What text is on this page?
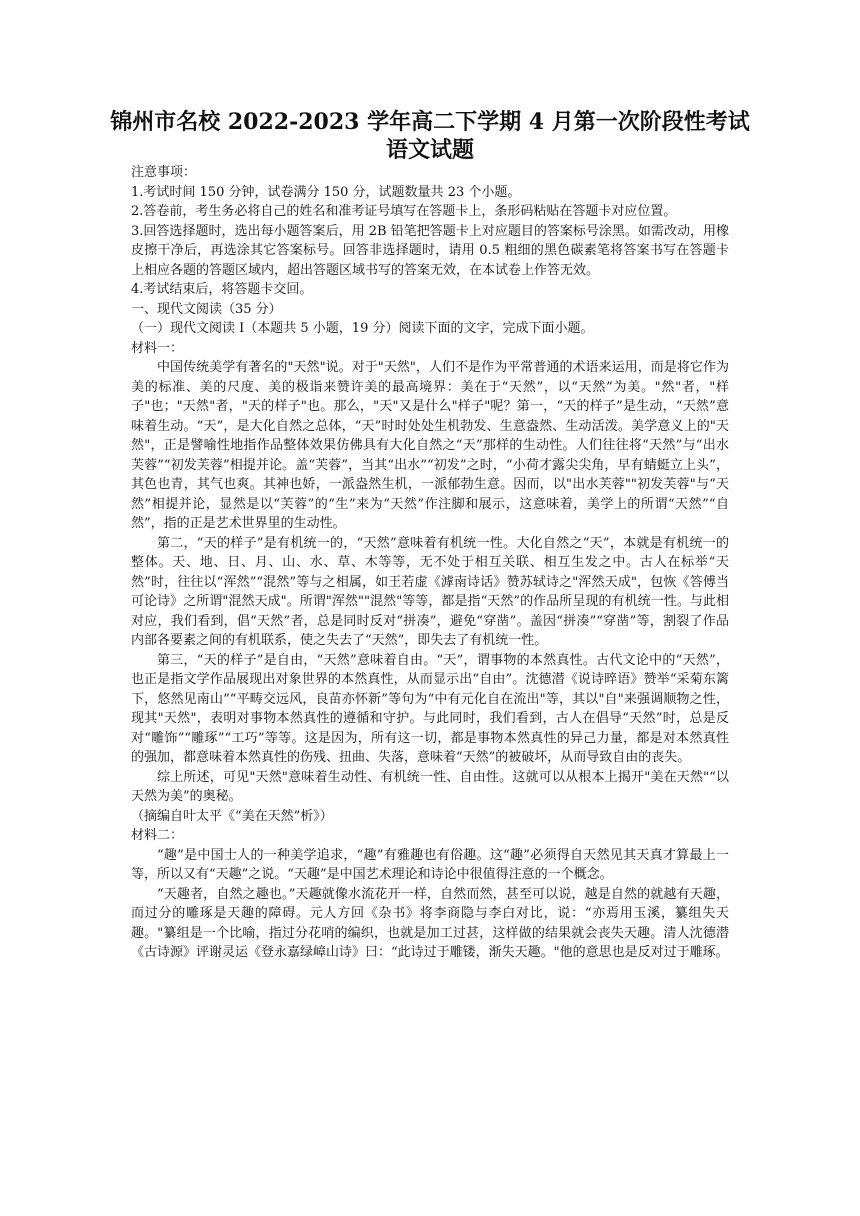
锦州市名校 2022-2023 学年高二下学期 4 月第一次阶段性考试
语文试题

注意事项：

1.考试时间 150 分钟，试卷满分 150 分，试题数量共 23 个小题。

2.答卷前，考生务必将自己的姓名和准考证号填写在答题卡上，条形码粘贴在答题卡对应位置。

3.回答选择题时，选出每小题答案后，用 2B 铅笔把答题卡上对应题目的答案标号涂黑。如需改动，用橡皮擦干净后，再选涂其它答案标号。回答非选择题时，请用 0.5 粗细的黑色碳素笔将答案书写在答题卡上相应各题的答题区域内，超出答题区域书写的答案无效，在本试卷上作答无效。

4.考试结束后，将答题卡交回。

一、现代文阅读（35 分）

（一）现代文阅读 I（本题共 5 小题，19 分）阅读下面的文字，完成下面小题。

材料一：

中国传统美学有著名的"天然"说。对于"天然"，人们不是作为平常普通的术语来运用，而是将它作为美的标准、美的尺度、美的极诣来赞许美的最高境界：美在于“天然”，以“天然”为美。"然"者，"样子"也；"天然"者，"天的样子"也。那么，"天"又是什么"样子"呢？第一，“天的样子”是生动，“天然”意味着生动。“天”，是大化自然之总体，“天”时时处处生机勃发、生意盎然、生动活泼。美学意义上的"天然"，正是譬喻性地指作品整体效果仿佛具有大化自然之“天”那样的生动性。人们往往将“天然”与“出水芙蓉”“初发芙蓉”相提并论。盖“芙蓉”，当其“出水”“初发”之时，“小荷才露尖尖角，早有蜻蜓立上头”，其色也青，其气也爽。其神也娇，一派盎然生机，一派郁勃生意。因而，以"出水芙蓉""初发芙蓉"与“天然”相提并论，显然是以“芙蓉”的“生”来为“天然”作注脚和展示，这意味着，美学上的所谓“天然”“自然”，指的正是艺术世界里的生动性。

第二，“天的样子”是有机统一的，“天然”意味着有机统一性。大化自然之“天”，本就是有机统一的整体。天、地、日、月、山、水、草、木等等，无不处于相互关联、相互生发之中。古人在标举“天然”时，往往以“浑然”“混然”等与之相属，如王若虚《滹南诗话》赞苏轼诗之"浑然天成"，包恢《答傅当可论诗》之所谓"混然天成"。所谓"浑然""混然"等等，都是指“天然”的作品所呈现的有机统一性。与此相对应，我们看到，倡“天然”者，总是同时反对“拼凑”，避免“穿凿”。盖因“拼凑”“穿凿”等，割裂了作品内部各要素之间的有机联系，使之失去了“天然”，即失去了有机统一性。

第三，“天的样子”是自由，“天然”意味着自由。“天”，谓事物的本然真性。古代文论中的“天然”，也正是指文学作品展现出对象世界的本然真性，从而显示出“自由”。沈德潜《说诗晬语》赞举“采菊东篱下，悠然见南山”“平畴交远风，良苗亦怀新”等句为“中有元化自在流出"等，其以"自"来强调顺物之性，现其"天然"，表明对事物本然真性的遵循和守护。与此同时，我们看到，古人在倡导“天然”时，总是反对“雕饰”“雕琢”“工巧”等等。这是因为，所有这一切，都是事物本然真性的异己力量，都是对本然真性的强加，都意味着本然真性的伤残、扭曲、失落，意味着“天然”的被破坏，从而导致自由的丧失。

综上所述，可见"天然"意味着生动性、有机统一性、自由性。这就可以从根本上揭开"美在天然"“以天然为美”的奥秘。

（摘编自叶太平《“美在天然”析》）

材料二：

“趣”是中国士人的一种美学追求，“趣”有雅趣也有俗趣。这“趣”必须得自天然见其天真才算最上一等，所以又有“天趣”之说。“天趣”是中国艺术理论和诗论中很值得注意的一个概念。

“天趣者，自然之趣也。”天趣就像水流花开一样，自然而然，甚至可以说，越是自然的就越有天趣，而过分的雕琢是天趣的障碍。元人方回《杂书》将李商隐与李白对比，说：“亦焉用玉溪，纂组失天趣。"纂组是一个比喻，指过分花哨的编织，也就是加工过甚，这样做的结果就会丧失天趣。清人沈德潜《古诗源》评谢灵运《登永嘉绿嶂山诗》曰：“此诗过于雕镂，渐失天趣。"他的意思也是反对过于雕琢。
